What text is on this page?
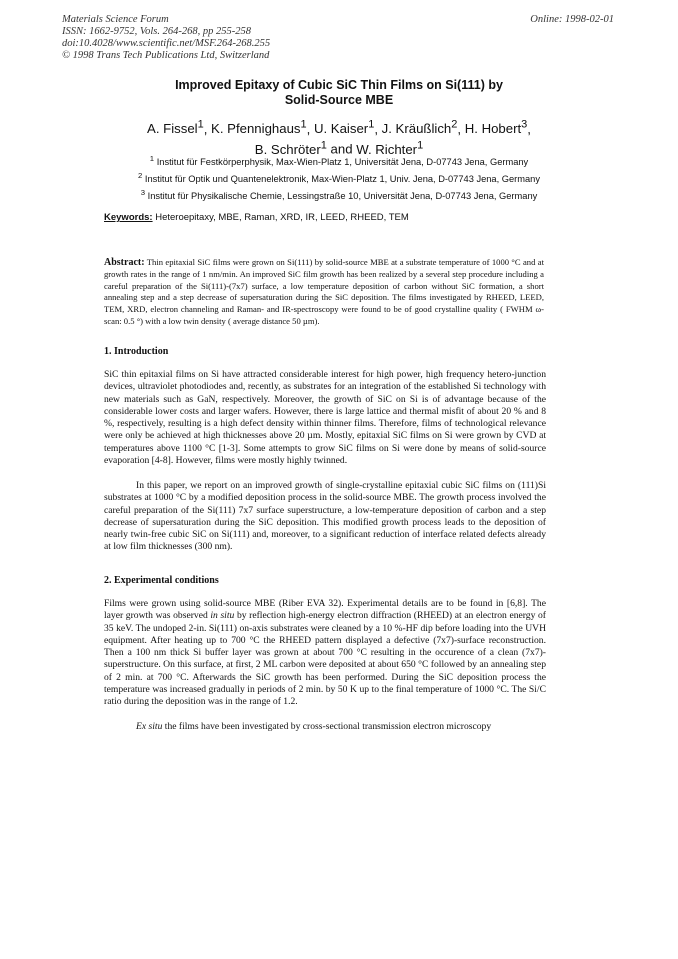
Materials Science Forum
ISSN: 1662-9752, Vols. 264-268, pp 255-258
doi:10.4028/www.scientific.net/MSF.264-268.255
© 1998 Trans Tech Publications Ltd, Switzerland
Online: 1998-02-01
Improved Epitaxy of Cubic SiC Thin Films on Si(111) by
Solid-Source MBE
A. Fissel$^1$, K. Pfennighaus$^1$, U. Kaiser$^1$, J. Kräußlich$^2$, H. Hobert$^3$,
B. Schröter$^1$ and W. Richter$^1$
$^1$ Institut für Festkörperphysik, Max-Wien-Platz 1, Universität Jena, D-07743 Jena, Germany
$^2$ Institut für Optik und Quantenelektronik, Max-Wien-Platz 1, Univ. Jena, D-07743 Jena, Germany
$^3$ Institut für Physikalische Chemie, Lessingstraße 10, Universität Jena, D-07743 Jena, Germany
Keywords: Heteroepitaxy, MBE, Raman, XRD, IR, LEED, RHEED, TEM
Abstract: Thin epitaxial SiC films were grown on Si(111) by solid-source MBE at a substrate temperature of 1000 °C and at growth rates in the range of 1 nm/min. An improved SiC film growth has been realized by a several step procedure including a careful preparation of the Si(111)-(7x7) surface, a low temperature deposition of carbon without SiC formation, a short annealing step and a step decrease of supersaturation during the SiC deposition. The films investigated by RHEED, LEED, TEM, XRD, electron channeling and Raman- and IR-spectroscopy were found to be of good crystalline quality ( FWHM ω-scan: 0.5 °) with a low twin density ( average distance 50 µm).
1. Introduction

SiC thin epitaxial films on Si have attracted considerable interest for high power, high frequency hetero-junction devices, ultraviolet photodiodes and, recently, as substrates for an integration of the established Si technology with new materials such as GaN, respectively. Moreover, the growth of SiC on Si is of advantage because of the considerable lower costs and larger wafers. However, there is large lattice and thermal misfit of about 20 % and 8 %, respectively, resulting is a high defect density within thinner films. Therefore, films of technological relevance were only be achieved at high thicknesses above 20 µm. Mostly, epitaxial SiC films on Si were grown by CVD at temperatures above 1100 °C [1-3]. Some attempts to grow SiC films on Si were done by means of solid-source evaporation [4-8]. However, films were mostly highly twinned.

In this paper, we report on an improved growth of single-crystalline epitaxial cubic SiC films on (111)Si substrates at 1000 °C by a modified deposition process in the solid-source MBE. The growth process involved the careful preparation of the Si(111) 7x7 surface superstructure, a low-temperature deposition of carbon and a step decrease of supersaturation during the SiC deposition. This modified growth process leads to the deposition of nearly twin-free cubic SiC on Si(111) and, moreover, to a significant reduction of interface related defects already at low film thicknesses (300 nm).

2. Experimental conditions

Films were grown using solid-source MBE (Riber EVA 32). Experimental details are to be found in [6,8]. The layer growth was observed in situ by reflection high-energy electron diffraction (RHEED) at an electron energy of 35 keV. The undoped 2-in. Si(111) on-axis substrates were cleaned by a 10 %-HF dip before loading into the UVH equipment. After heating up to 700 °C the RHEED pattern displayed a defective (7x7)-surface reconstruction. Then a 100 nm thick Si buffer layer was grown at about 700 °C resulting in the occurence of a clean (7x7)-superstructure. On this surface, at first, 2 ML carbon were deposited at about 650 °C followed by an annealing step of 2 min. at 700 °C. Afterwards the SiC growth has been performed. During the SiC deposition process the temperature was increased gradually in periods of 2 min. by 50 K up to the final temperature of 1000 °C. The Si/C ratio during the deposition was in the range of 1.2.

Ex situ the films have been investigated by cross-sectional transmission electron microscopy
